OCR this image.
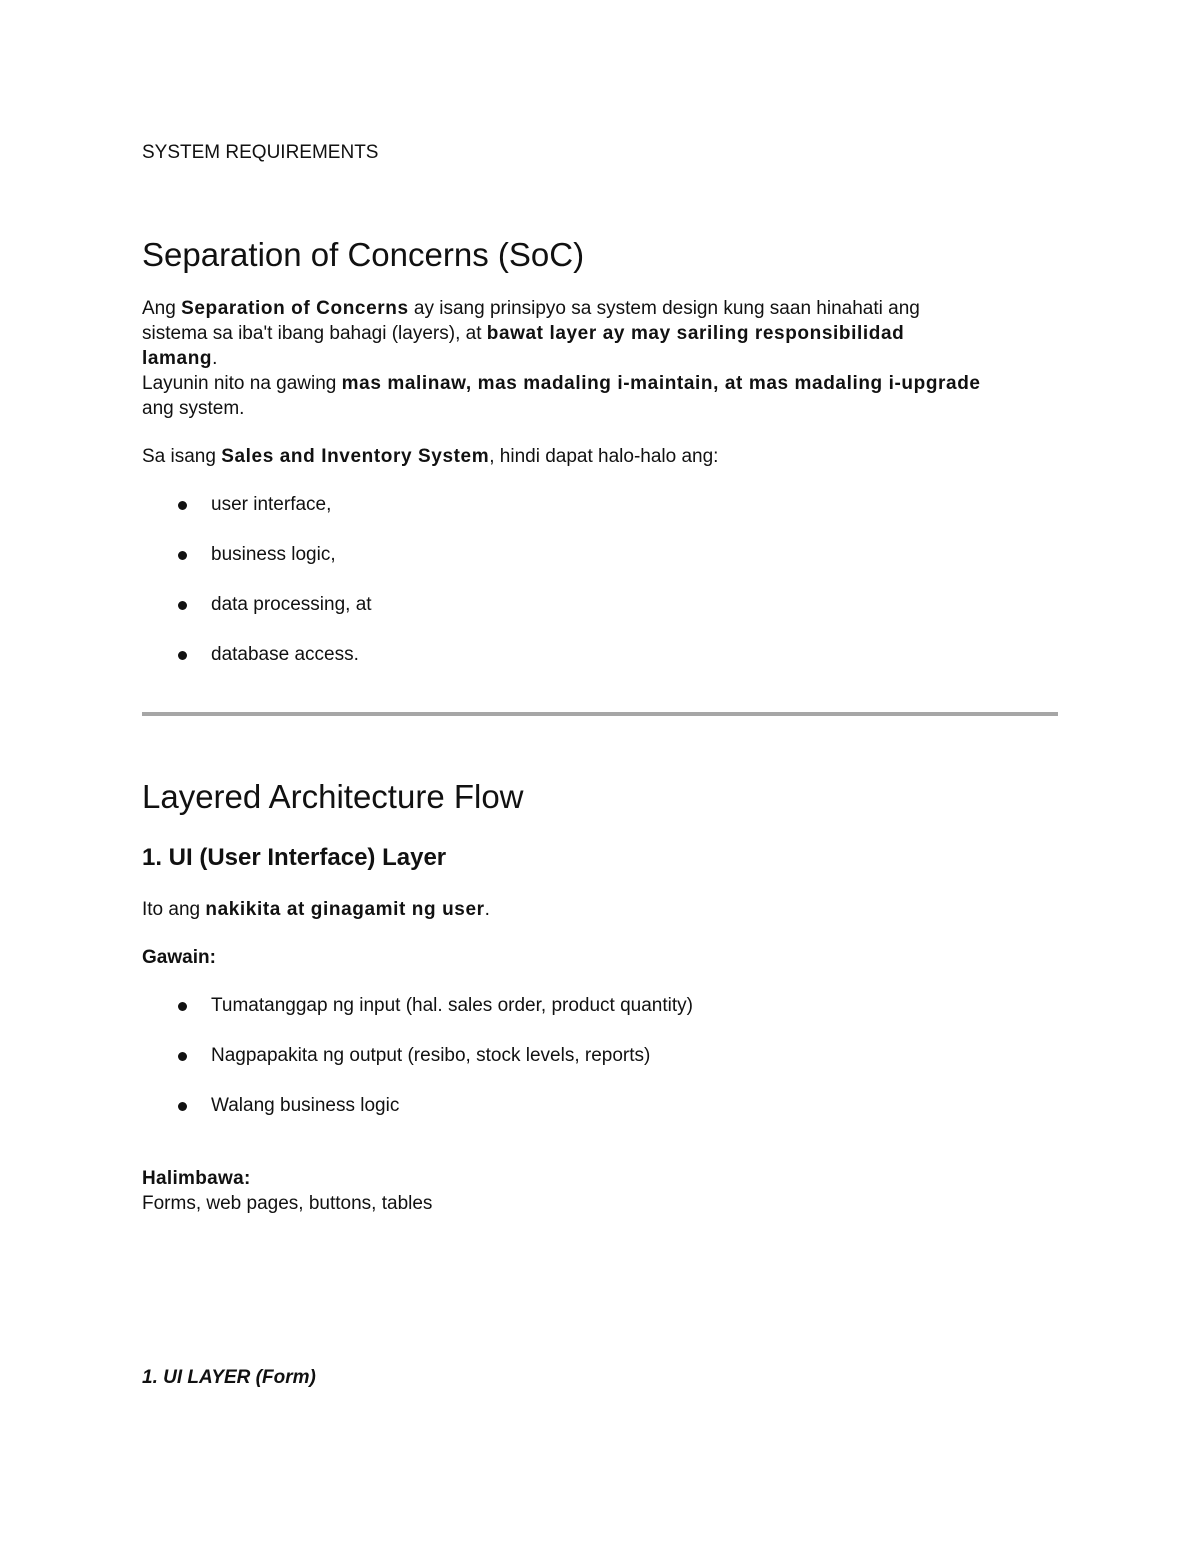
SYSTEM REQUIREMENTS
Separation of Concerns (SoC)
Ang Separation of Concerns ay isang prinsipyo sa system design kung saan hinahati ang
sistema sa iba't ibang bahagi (layers), at bawat layer ay may sariling responsibilidad
lamang.
Layunin nito na gawing mas malinaw, mas madaling i-maintain, at mas madaling i-upgrade
ang system.
Sa isang Sales and Inventory System, hindi dapat halo-halo ang:
user interface,
business logic,
data processing, at
database access.
Layered Architecture Flow
1. UI (User Interface) Layer
Ito ang nakikita at ginagamit ng user.
Gawain:
Tumatanggap ng input (hal. sales order, product quantity)
Nagpapakita ng output (resibo, stock levels, reports)
Walang business logic
Halimbawa:
Forms, web pages, buttons, tables
1. UI LAYER (Form)
